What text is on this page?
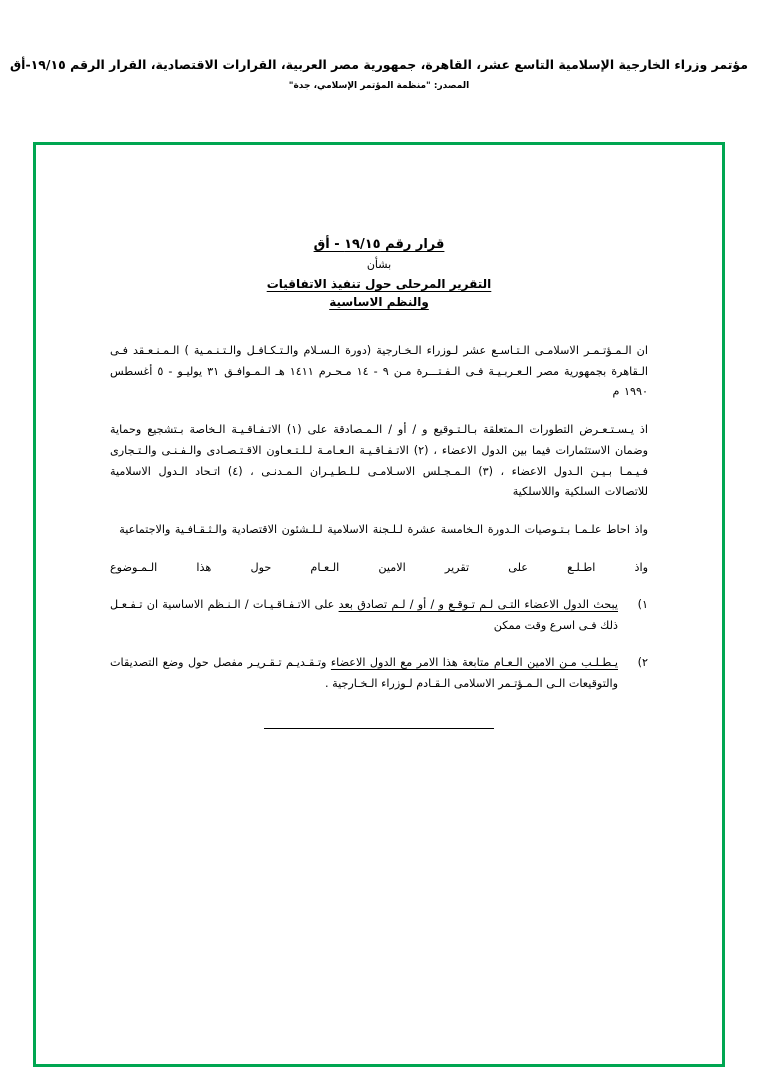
مؤتمر وزراء الخارجية الإسلامية التاسع عشر، القاهرة، جمهورية مصر العربية، القرارات الاقتصادية، القرار الرقم ١٩/١٥-أق
المصدر: "منظمة المؤتمر الإسلامي، جدة"
قرار رقم ١٩/١٥ - أق
بشأن
التقرير المرحلى حول تنفيذ الاتفاقيات
والنظم الاساسية
ان الـمـؤتـمـر الاسلامـى الـتـاسـع عشر لـوزراء الـخـارجية (دورة الـسـلام والـتـكـافـل والـتـنـمـية ) الـمـنـعـقد فـى الـقاهرة بجمهورية مصر الـعـربـيـة فـى الـفـتـــرة مـن ٩ - ١٤ مـحـرم ١٤١١ هـ الـمـوافـق ٣١ يوليـو - ٥ أغسطس ١٩٩٠ م
اذ يـسـتـعـرض التطورات الـمتعلقة بـالـتـوقيع و / أو / الـمـصادقة على (١) الاتـفـاقـيـة الـخاصة بـتشجيع وحماية وضمان الاستثمارات فيما بين الدول الاعضاء ، (٢) الاتـفـاقـيـة الـعـامـة لـلـتـعـاون الاقـتـصـادى والـفـنـى والـتـجارى فـيـمـا بـيـن الـدول الاعضاء ، (٣) الـمـجـلس الاسـلامـى لـلـطـيـران الـمـدنـى ، (٤) اتـحاد الـدول الاسلامية للاتصالات السلكية واللاسلكية
واذ احاط علـمـا بـتـوصيات الـدورة الـخامسة عشرة لـلـجنة الاسلامية لـلـشئون الاقتصادية والـثـقـافـية والاجتماعية
واذ اطـلـع على تقرير الامين الـعـام حول هذا الـمـوضوع
١)
يبحث الدول الاعضاء التـى لـم تـوقـع و / أو / لـم تصادق بعد على الاتـفـاقـيـات / الـنـظم الاساسية ان تـفـعـل ذلك فـى اسرع وقت ممكن
٢)
يـطـلـب مـن الامين الـعـام متابعة هذا الامر مع الدول الاعضاء وتـقـديـم تـقـريـر مفصل حول وضع التصديقات والتوقيعات الـى الـمـؤتـمر الاسلامى الـقـادم لـوزراء الـخـارجية .
